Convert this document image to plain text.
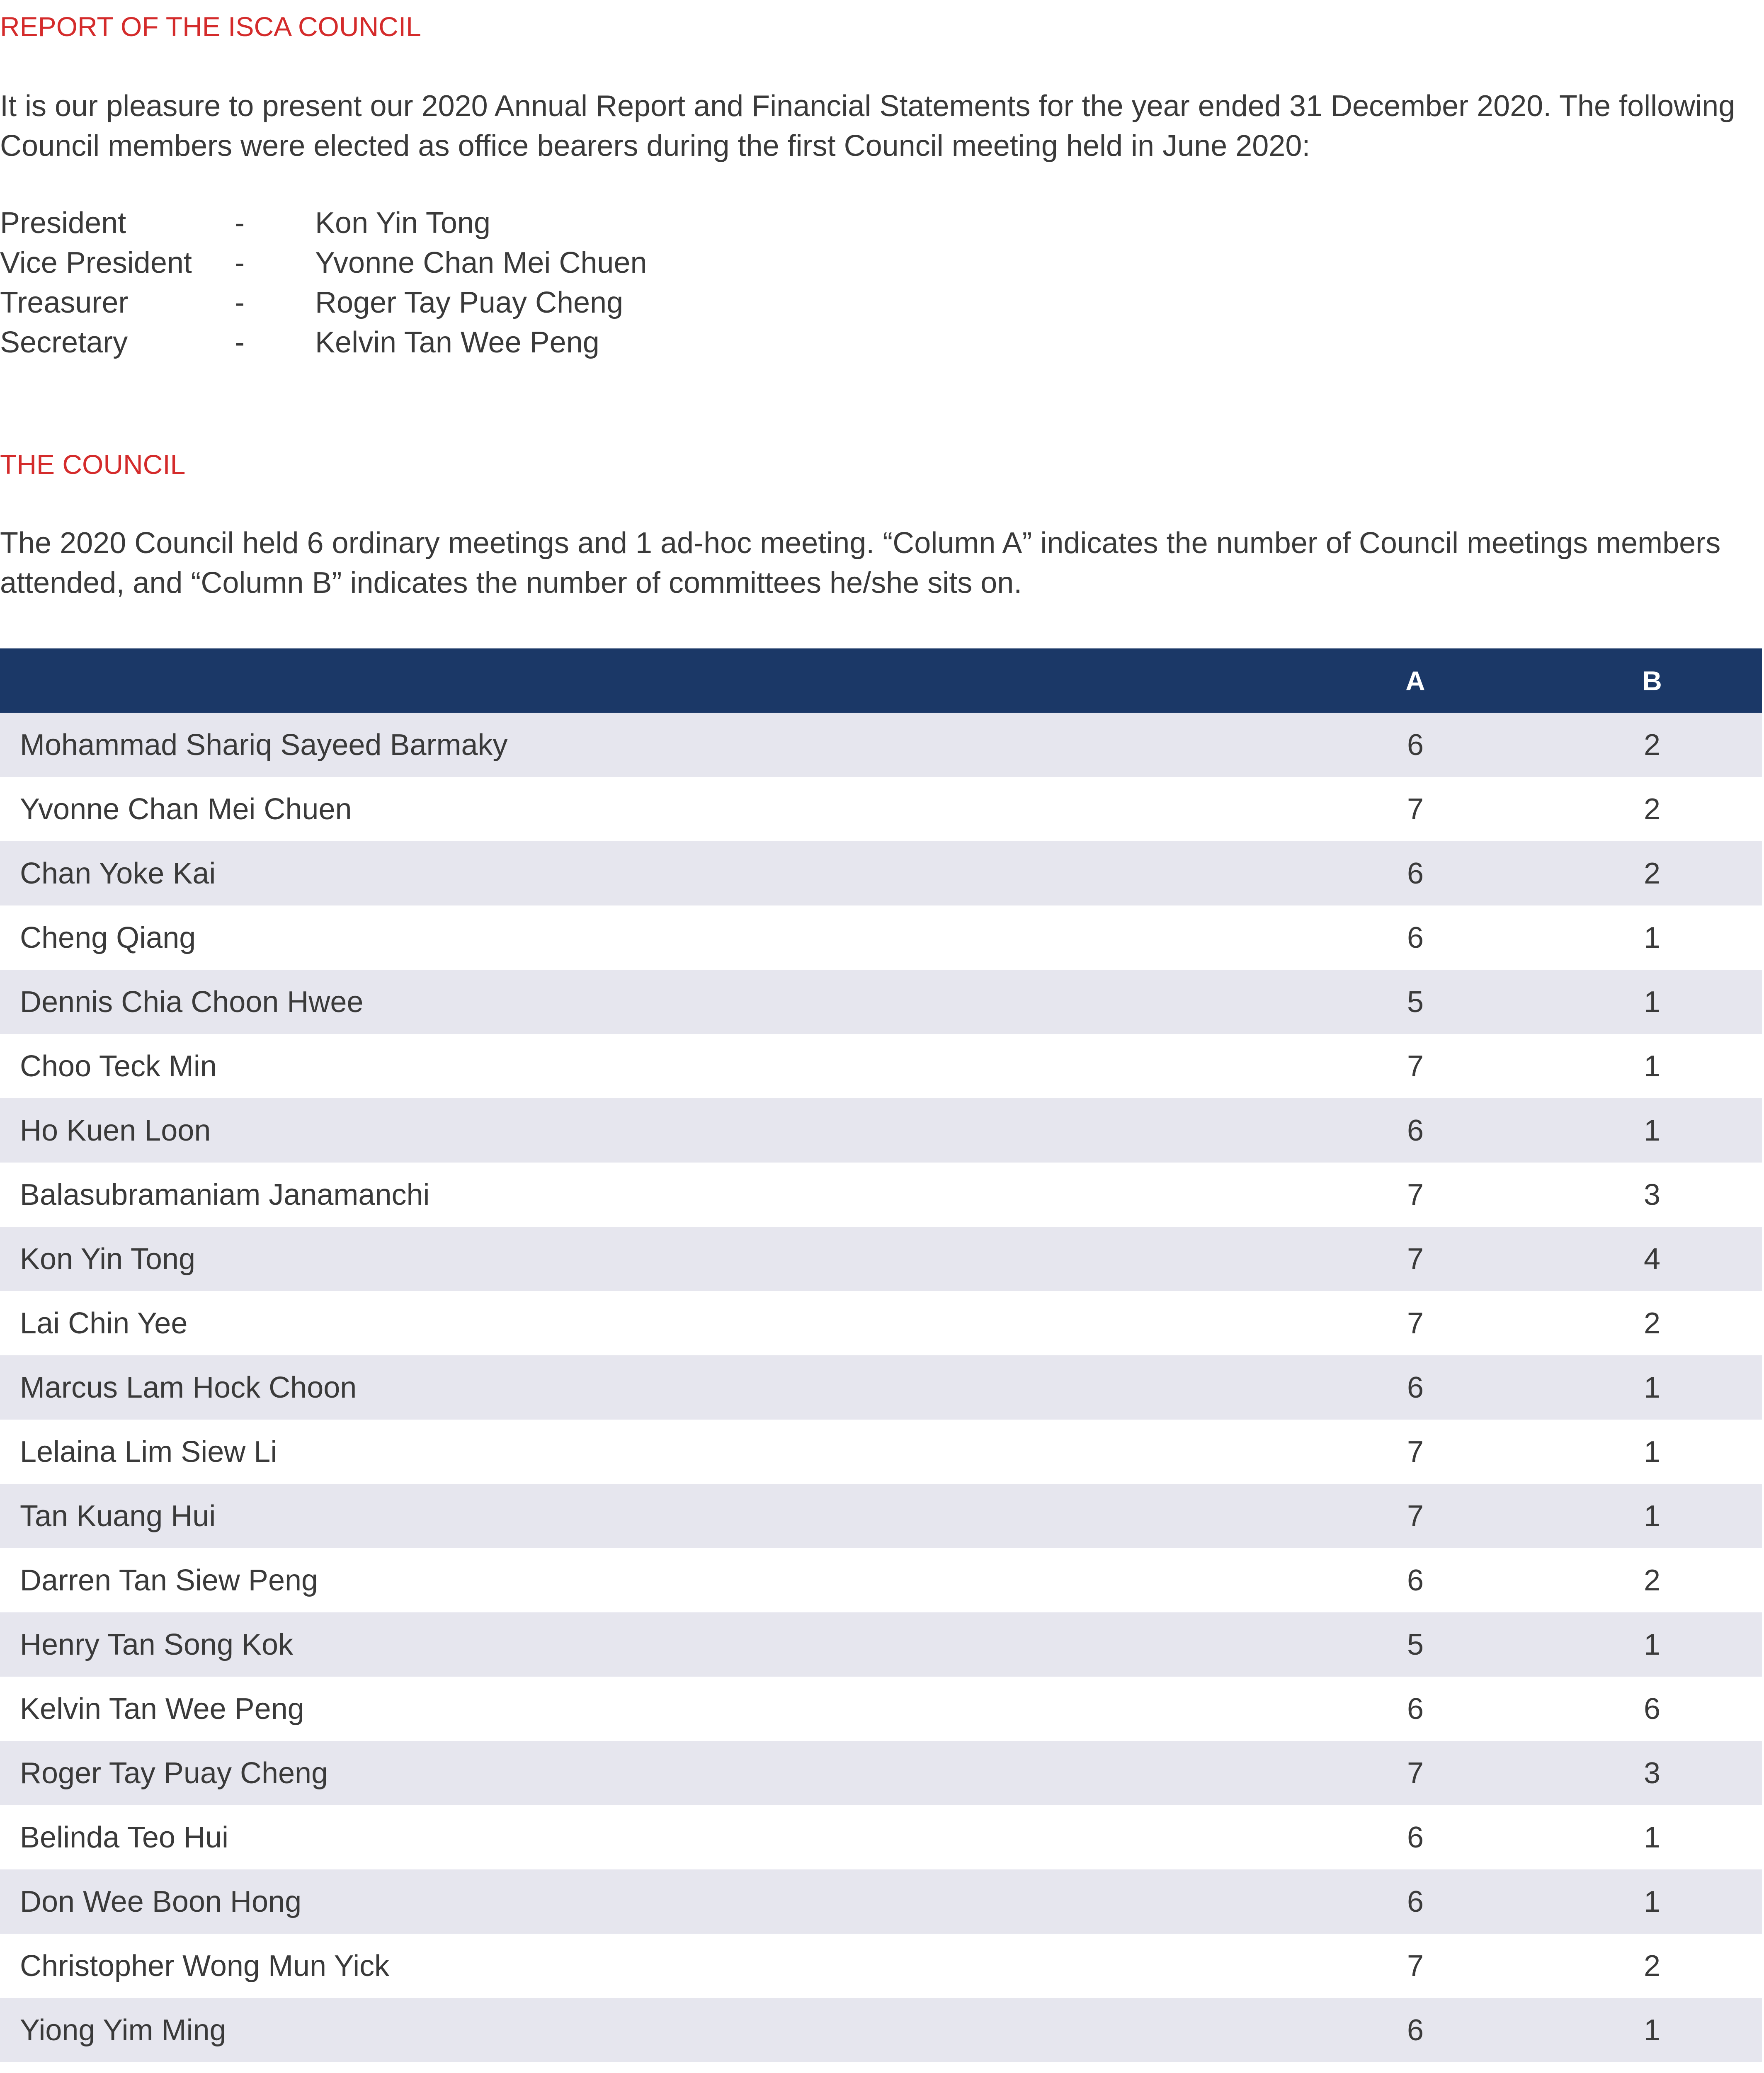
REPORT OF THE ISCA COUNCIL

It is our pleasure to present our 2020 Annual Report and Financial Statements for the year ended 31 December 2020. The following Council members were elected as office bearers during the first Council meeting held in June 2020:

President	- Kon Yin Tong
Vice President - Yvonne Chan Mei Chuen
Treasurer	- Roger Tay Puay Cheng
Secretary	- Kelvin Tan Wee Peng
THE COUNCIL

The 2020 Council held 6 ordinary meetings and 1 ad-hoc meeting. “Column A” indicates the number of Council meetings members attended, and “Column B” indicates the number of committees he/she sits on.

	A	B
Mohammad Shariq Sayeed Barmaky	6	2
Yvonne Chan Mei Chuen	7	2
Chan Yoke Kai	6	2
Cheng Qiang	6	1
Dennis Chia Choon Hwee	5	1
Choo Teck Min	7	1
Ho Kuen Loon	6	1
Balasubramaniam Janamanchi	7	3
Kon Yin Tong	7	4
Lai Chin Yee	7	2
Marcus Lam Hock Choon	6	1
Lelaina Lim Siew Li	7	1
Tan Kuang Hui	7	1
Darren Tan Siew Peng	6	2
Henry Tan Song Kok	5	1
Kelvin Tan Wee Peng	6	6
Roger Tay Puay Cheng	7	3
Belinda Teo Hui	6	1
Don Wee Boon Hong	6	1
Christopher Wong Mun Yick	7	2
Yiong Yim Ming	6	1
